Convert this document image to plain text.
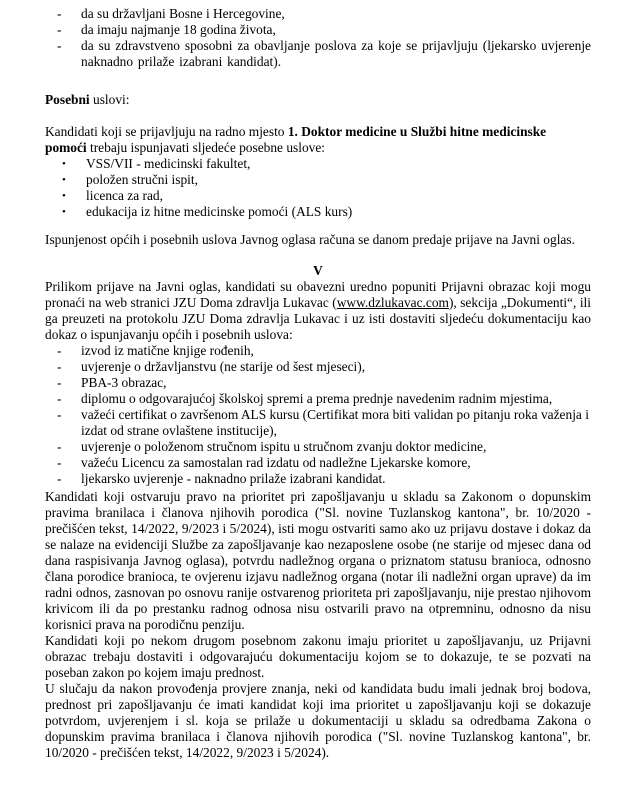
-	da su državljani Bosne i Hercegovine,
-	da imaju najmanje 18 godina života,
-	da su zdravstveno sposobni za obavljanje poslova za koje se prijavljuju (ljekarsko uvjerenje naknadno prilaže izabrani kandidat).
Posebni uslovi:
Kandidati koji se prijavljuju na radno mjesto 1. Doktor medicine u Službi hitne medicinske pomoći trebaju ispunjavati sljedeće posebne uslove:
•	VSS/VII - medicinski fakultet,
•	položen stručni ispit,
•	licenca za rad,
•	edukacija iz hitne medicinske pomoći (ALS kurs)
Ispunjenost općih i posebnih uslova Javnog oglasa računa se danom predaje prijave na Javni oglas.
V
Prilikom prijave na Javni oglas, kandidati su obavezni uredno popuniti Prijavni obrazac koji mogu pronaći na web stranici JZU Doma zdravlja Lukavac (www.dzlukavac.com), sekcija „Dokumenti“, ili ga preuzeti na protokolu JZU Doma zdravlja Lukavac i uz isti dostaviti sljedeću dokumentaciju kao dokaz o ispunjavanju općih i posebnih uslova:
-	izvod iz matične knjige rođenih,
-	uvjerenje o državljanstvu (ne starije od šest mjeseci),
-	PBA-3 obrazac,
-	diplomu o odgovarajućoj školskoj spremi a prema prednje navedenim radnim mjestima,
-	važeći certifikat o završenom ALS kursu (Certifikat mora biti validan po pitanju roka važenja i izdat od strane ovlaštene institucije),
-	uvjerenje o položenom stručnom ispitu u stručnom zvanju doktor medicine,
-	važeću Licencu za samostalan rad izdatu od nadležne Ljekarske komore,
-	ljekarsko uvjerenje - naknadno prilaže izabrani kandidat.
Kandidati koji ostvaruju pravo na prioritet pri zapošljavanju u skladu sa Zakonom o dopunskim pravima branilaca i članova njihovih porodica ("Sl. novine Tuzlanskog kantona", br. 10/2020 - prečišćen tekst, 14/2022, 9/2023 i 5/2024), isti mogu ostvariti samo ako uz prijavu dostave i dokaz da se nalaze na evidenciji Službe za zapošljavanje kao nezaposlene osobe (ne starije od mjesec dana od dana raspisivanja Javnog oglasa), potvrdu nadležnog organa o priznatom statusu branioca, odnosno člana porodice branioca, te ovjerenu izjavu nadležnog organa (notar ili nadležni organ uprave) da im radni odnos, zasnovan po osnovu ranije ostvarenog prioriteta pri zapošljavanju, nije prestao njihovom krivicom ili da po prestanku radnog odnosa nisu ostvarili pravo na otpremninu, odnosno da nisu korisnici prava na porodičnu penziju.
Kandidati koji po nekom drugom posebnom zakonu imaju prioritet u zapošljavanju, uz Prijavni obrazac trebaju dostaviti i odgovarajuću dokumentaciju kojom se to dokazuje, te se pozvati na poseban zakon po kojem imaju prednost.
U slučaju da nakon provođenja provjere znanja, neki od kandidata budu imali jednak broj bodova, prednost pri zapošljavanju će imati kandidat koji ima prioritet u zapošljavanju koji se dokazuje potvrdom, uvjerenjem i sl. koja se prilaže u dokumentaciji u skladu sa odredbama Zakona o dopunskim pravima branilaca i članova njihovih porodica ("Sl. novine Tuzlanskog kantona", br. 10/2020 - prečišćen tekst, 14/2022, 9/2023 i 5/2024).
